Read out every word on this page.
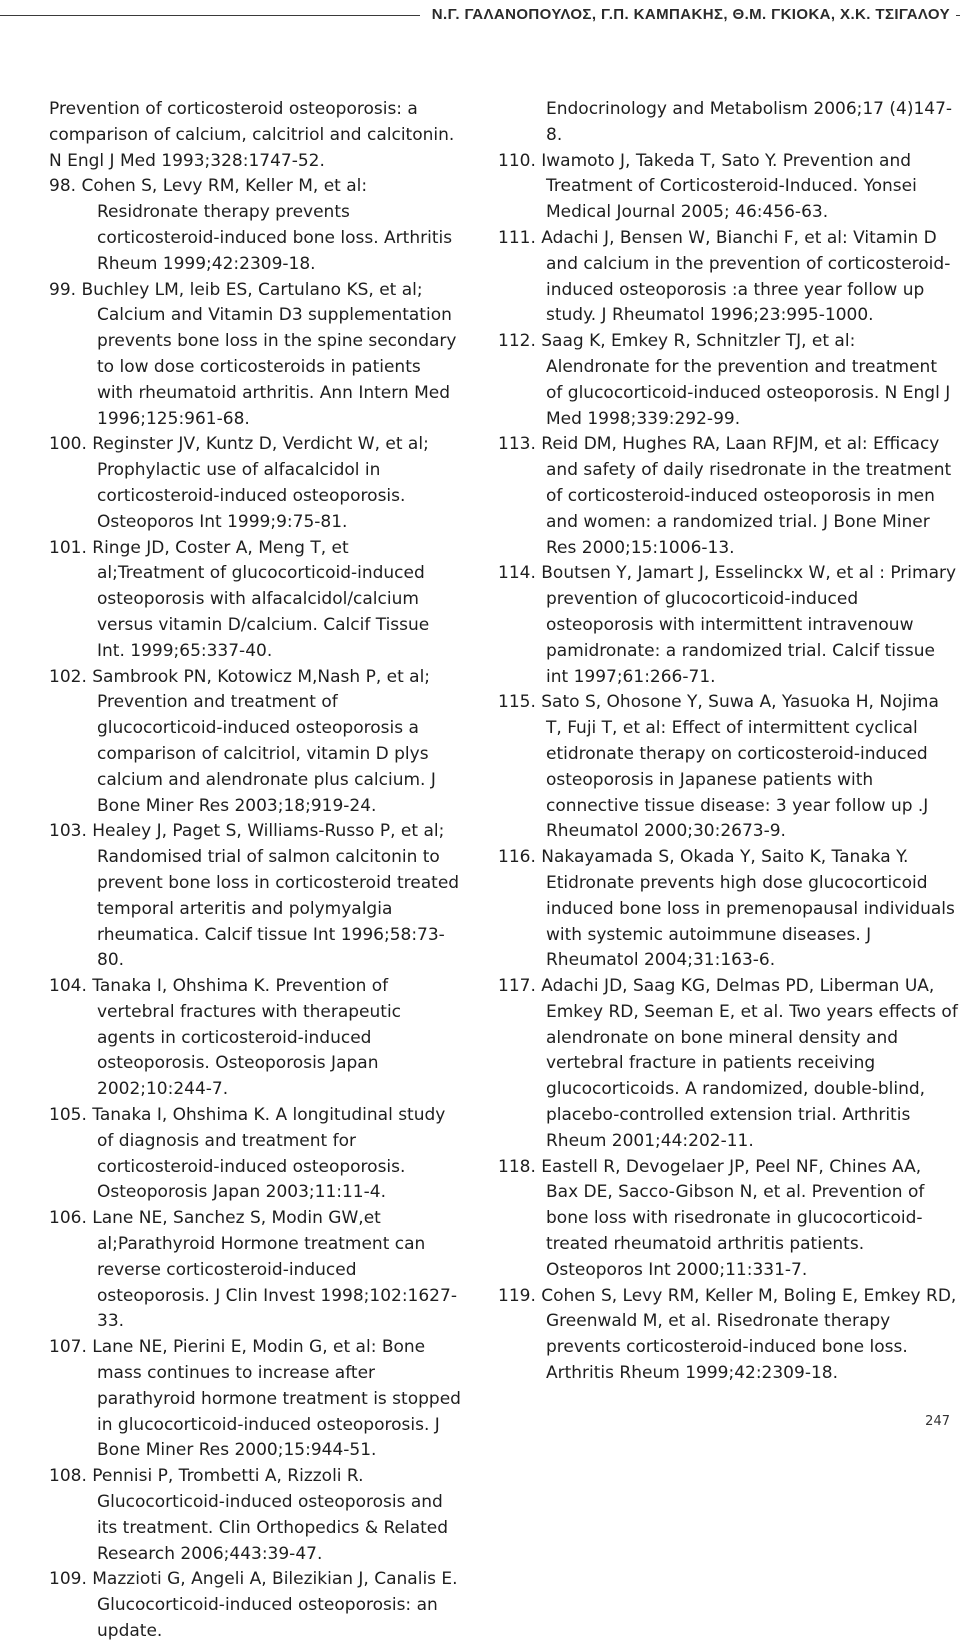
Ν.Γ. ΓΑΛΑΝΟΠΟΥΛΟΣ, Γ.Π. ΚΑΜΠΑΚΗΣ, Θ.Μ. ΓΚΙΟΚΑ, Χ.Κ. ΤΣΙΓΑΛΟΥ

Prevention of corticosteroid osteoporosis: a comparison of calcium, calcitriol and calcitonin. N Engl J Med 1993;328:1747-52.

98. Cohen S, Levy RM, Keller M, et al: Residronate therapy prevents corticosteroid-induced bone loss. Arthritis Rheum 1999;42:2309-18.

99. Buchley LM, leib ES, Cartulano KS, et al; Calcium and Vitamin D3 supplementation prevents bone loss in the spine secondary to low dose corticosteroids in patients with rheumatoid arthritis. Ann Intern Med 1996;125:961-68.

100. Reginster JV, Kuntz D, Verdicht W, et al; Prophylactic use of alfacalcidol in corticosteroid-induced osteoporosis. Osteoporos Int 1999;9:75-81.

101. Ringe JD, Coster A, Meng T, et al;Treatment of glucocorticoid-induced osteoporosis with alfacalcidol/calcium versus vitamin D/calcium. Calcif Tissue Int. 1999;65:337-40.

102. Sambrook PN, Kotowicz M,Nash P, et al; Prevention and treatment of glucocorticoid-induced osteoporosis a comparison of calcitriol, vitamin D plys calcium and alendronate plus calcium. J Bone Miner Res 2003;18;919-24.

103. Healey J, Paget S, Williams-Russo P, et al; Randomised trial of salmon calcitonin to prevent bone loss in corticosteroid treated temporal arteritis and polymyalgia rheumatica. Calcif tissue Int 1996;58:73-80.

104. Tanaka I, Ohshima K. Prevention of vertebral fractures with therapeutic agents in corticosteroid-induced osteoporosis. Osteoporosis Japan 2002;10:244-7.

105. Tanaka I, Ohshima K. A longitudinal study of diagnosis and treatment for corticosteroid-induced osteoporosis. Osteoporosis Japan 2003;11:11-4.

106. Lane NE, Sanchez S, Modin GW,et al;Parathyroid Hormone treatment can reverse corticosteroid-induced osteoporosis. J Clin Invest 1998;102:1627-33.

107. Lane NE, Pierini E, Modin G, et al: Bone mass continues to increase after parathyroid hormone treatment is stopped in glucocorticoid-induced osteoporosis. J Bone Miner Res 2000;15:944-51.

108. Pennisi P, Trombetti A, Rizzoli R. Glucocorticoid-induced osteoporosis and its treatment. Clin Orthopedics & Related Research 2006;443:39-47.

109. Mazzioti G, Angeli A, Bilezikian J, Canalis E. Glucocorticoid-induced osteoporosis: an update.

Endocrinology and Metabolism 2006;17 (4)147-8.

110. Iwamoto J, Takeda T, Sato Y. Prevention and Treatment of Corticosteroid-Induced. Yonsei Medical Journal 2005; 46:456-63.

111. Adachi J, Bensen W, Bianchi F, et al: Vitamin D and calcium in the prevention of corticosteroid-induced osteoporosis :a three year follow up study. J Rheumatol 1996;23:995-1000.

112. Saag K, Emkey R, Schnitzler TJ, et al: Alendronate for the prevention and treatment of glucocorticoid-induced osteoporosis. N Engl J Med 1998;339:292-99.

113. Reid DM, Hughes RA, Laan RFJM, et al: Efficacy and safety of daily risedronate in the treatment of corticosteroid-induced osteoporosis in men and women: a randomized trial. J Bone Miner Res 2000;15:1006-13.

114. Boutsen Y, Jamart J, Esselinckx W, et al : Primary prevention of glucocorticoid-induced osteoporosis with intermittent intravenouw pamidronate: a randomized trial. Calcif tissue int 1997;61:266-71.

115. Sato S, Ohosone Y, Suwa A, Yasuoka H, Nojima T, Fuji T, et al: Effect of intermittent cyclical etidronate therapy on corticosteroid-induced osteoporosis in Japanese patients with connective tissue disease: 3 year follow up .J Rheumatol 2000;30:2673-9.

116. Nakayamada S, Okada Y, Saito K, Tanaka Y. Etidronate prevents high dose glucocorticoid induced bone loss in premenopausal individuals with systemic autoimmune diseases. J Rheumatol 2004;31:163-6.

117. Adachi JD, Saag KG, Delmas PD, Liberman UA, Emkey RD, Seeman E, et al. Two years effects of alendronate on bone mineral density and vertebral fracture in patients receiving glucocorticoids. A randomized, double-blind, placebo-controlled extension trial. Arthritis Rheum 2001;44:202-11.

118. Eastell R, Devogelaer JP, Peel NF, Chines AA, Bax DE, Sacco-Gibson N, et al. Prevention of bone loss with risedronate in glucocorticoid-treated rheumatoid arthritis patients. Osteoporos Int 2000;11:331-7.

119. Cohen S, Levy RM, Keller M, Boling E, Emkey RD, Greenwald M, et al. Risedronate therapy prevents corticosteroid-induced bone loss. Arthritis Rheum 1999;42:2309-18.

247
